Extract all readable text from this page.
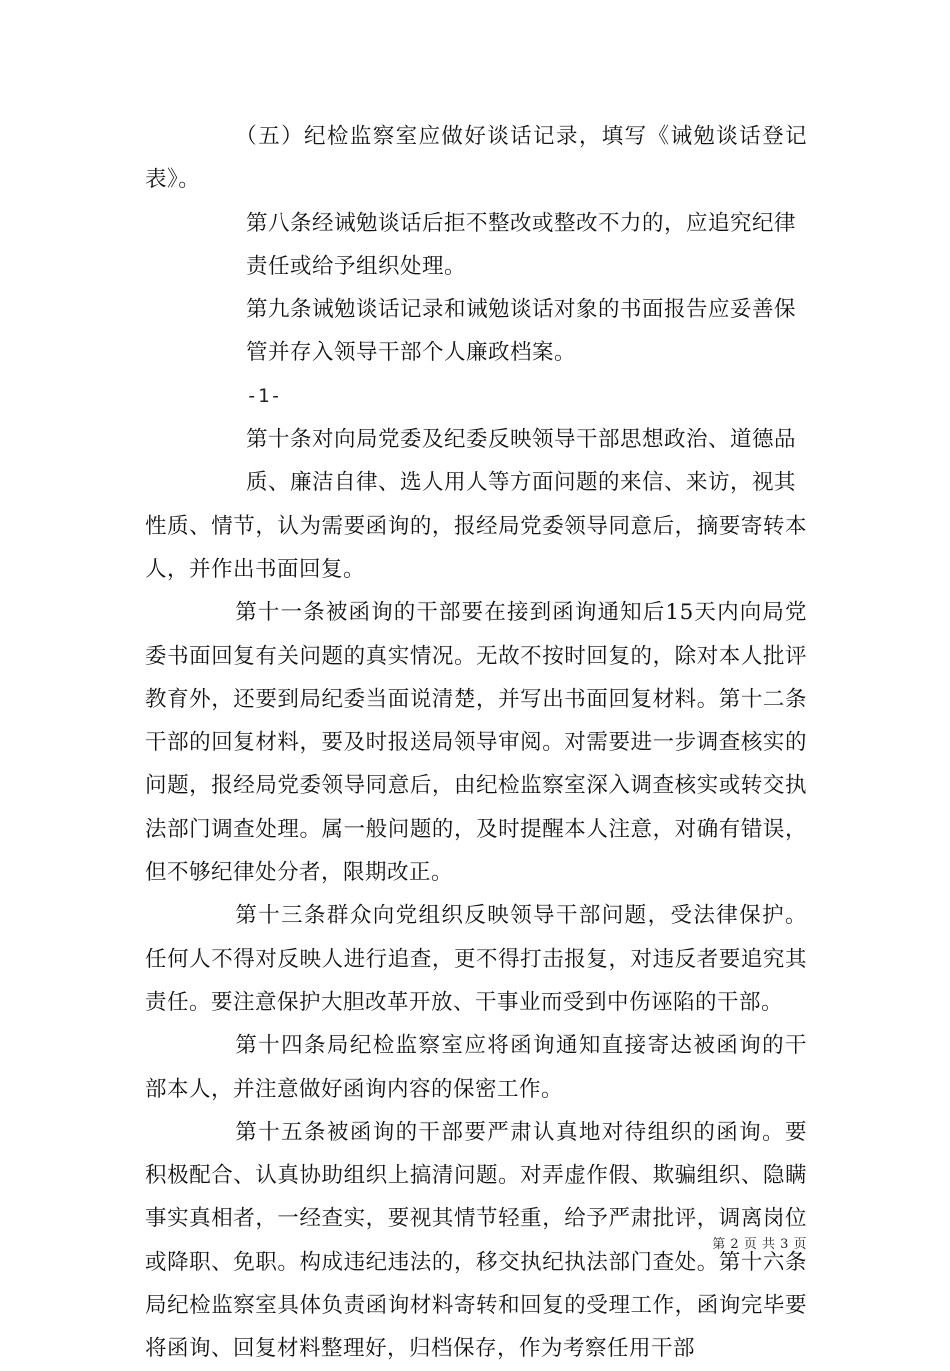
（五）纪检监察室应做好谈话记录，填写《诫勉谈话登记表》。

第八条经诫勉谈话后拒不整改或整改不力的，应追究纪律责任或给予组织处理。

第九条诫勉谈话记录和诫勉谈话对象的书面报告应妥善保管并存入领导干部个人廉政档案。

-1-

第十条对向局党委及纪委反映领导干部思想政治、道德品

质、廉洁自律、选人用人等方面问题的来信、来访，视其
性质、情节，认为需要函询的，报经局党委领导同意后，摘要寄转本人，并作出书面回复。

第十一条被函询的干部要在接到函询通知后15天内向局党委书面回复有关问题的真实情况。无故不按时回复的，除对本人批评教育外，还要到局纪委当面说清楚，并写出书面回复材料。第十二条干部的回复材料，要及时报送局领导审阅。对需要进一步调查核实的问题，报经局党委领导同意后，由纪检监察室深入调查核实或转交执法部门调查处理。属一般问题的，及时提醒本人注意，对确有错误，但不够纪律处分者，限期改正。

第十三条群众向党组织反映领导干部问题，受法律保护。任何人不得对反映人进行追查，更不得打击报复，对违反者要追究其责任。要注意保护大胆改革开放、干事业而受到中伤诬陷的干部。

第十四条局纪检监察室应将函询通知直接寄达被函询的干部本人，并注意做好函询内容的保密工作。

第十五条被函询的干部要严肃认真地对待组织的函询。要积极配合、认真协助组织上搞清问题。对弄虚作假、欺骗组织、隐瞒事实真相者，一经查实，要视其情节轻重，给予严肃批评，调离岗位或降职、免职。构成违纪违法的，移交执纪执法部门查处。第十六条局纪检监察室具体负责函询材料寄转和回复的受理工作，函询完毕要将函询、回复材料整理好，归档保存，作为考察任用干部

第 2 页 共 3 页
